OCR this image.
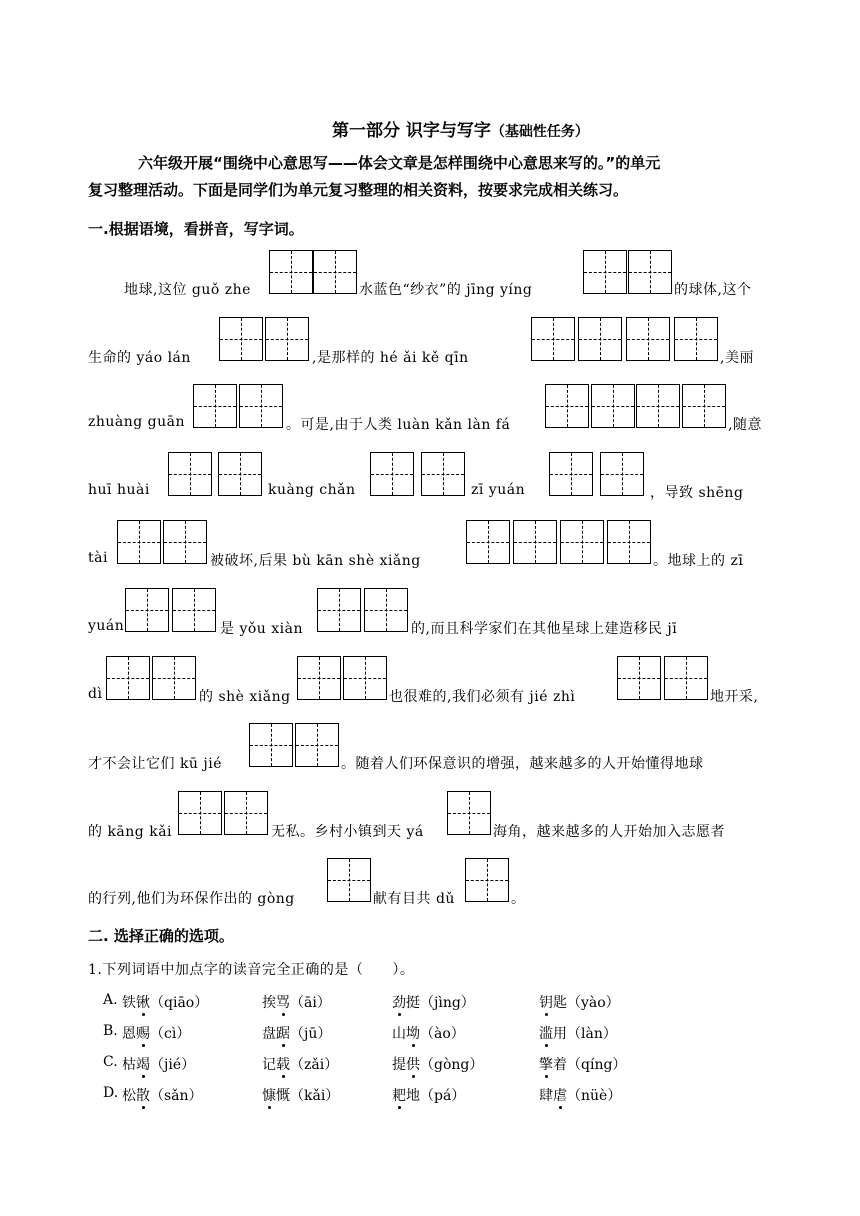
第一部分 识字与写字（基础性任务）
六年级开展“围绕中心意思写——体会文章是怎样围绕中心意思来写的。”的单元
复习整理活动。下面是同学们为单元复习整理的相关资料，按要求完成相关练习。
一.根据语境，看拼音，写字词。
地球,这位 guǒ zhe	水蓝色“纱衣”的 jīng yíng	的球体,这个
生命的 yáo lán	,是那样的 hé ǎi kě qīn	,美丽
zhuàng guān	。可是,由于人类 luàn kǎn làn fá	,随意
huī huài	kuàng chǎn	zī yuán	，导致 shēng
tài	被破坏,后果 bù kān shè xiǎng	。地球上的 zī
yuán	是 yǒu xiàn	的,而且科学家们在其他星球上建造移民 jī
dì	的 shè xiǎng	也很难的,我们必须有 jié zhì	地开采,
才不会让它们 kū jié	。随着人们环保意识的增强，越来越多的人开始懂得地球
的 kāng kǎi	无私。乡村小镇到天 yá	海角，越来越多的人开始加入志愿者
的行列,他们为环保作出的 gòng	献有目共 dǔ	。
二. 选择正确的选项。
1.下列词语中加点字的读音完全正确的是（　　）。
A. 铁锹（qiāo）	挨骂（āi）	劲挺（jìng）	钥匙（yào）
B. 恩赐（cì）	盘踞（jū）	山坳（ào）	滥用（làn）
C. 枯竭（jié）	记载（zǎi）	提供（gòng）	擎着（qíng）
D. 松散（sǎn）	慷慨（kǎi）	耙地（pá）	肆虐（nüè）
